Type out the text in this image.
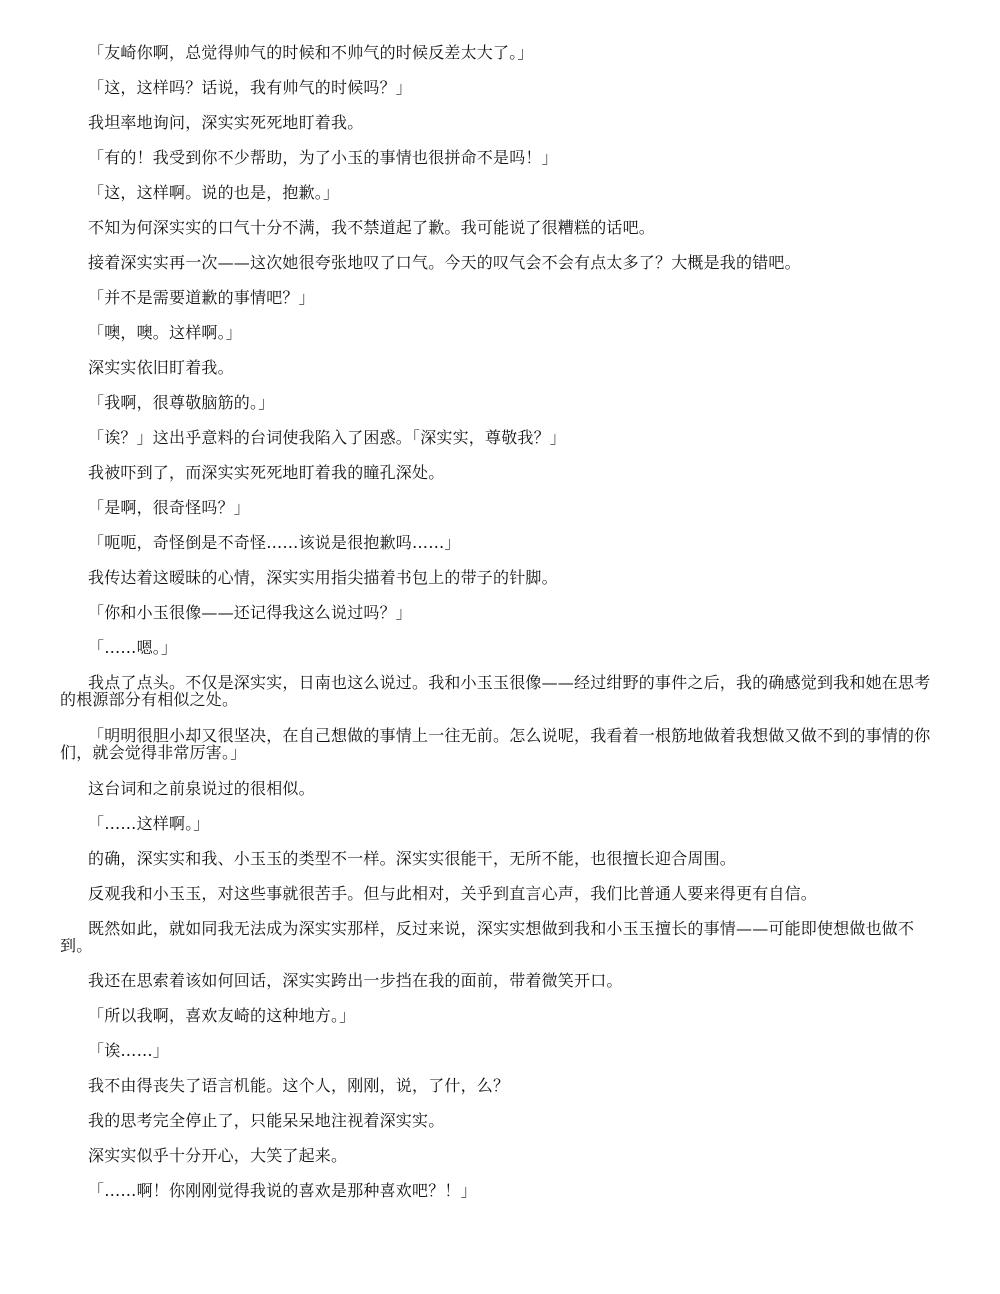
「友崎你啊，总觉得帅气的时候和不帅气的时候反差太大了。」

「这，这样吗？话说，我有帅气的时候吗？」

我坦率地询问，深实实死死地盯着我。

「有的！我受到你不少帮助，为了小玉的事情也很拼命不是吗！」

「这，这样啊。说的也是，抱歉。」

不知为何深实实的口气十分不满，我不禁道起了歉。我可能说了很糟糕的话吧。

接着深实实再一次——这次她很夸张地叹了口气。今天的叹气会不会有点太多了？大概是我的错吧。

「并不是需要道歉的事情吧？」

「噢，噢。这样啊。」

深实实依旧盯着我。

「我啊，很尊敬脑筋的。」

「诶？」这出乎意料的台词使我陷入了困惑。「深实实，尊敬我？」

我被吓到了，而深实实死死地盯着我的瞳孔深处。

「是啊，很奇怪吗？」

「呃呃，奇怪倒是不奇怪……该说是很抱歉吗……」

我传达着这暧昧的心情，深实实用指尖描着书包上的带子的针脚。

「你和小玉很像——还记得我这么说过吗？」

「……嗯。」

我点了点头。不仅是深实实，日南也这么说过。我和小玉玉很像——经过绀野的事件之后，我的确感觉到我和她在思考的根源部分有相似之处。

「明明很胆小却又很坚决，在自己想做的事情上一往无前。怎么说呢，我看着一根筋地做着我想做又做不到的事情的你们，就会觉得非常厉害。」

这台词和之前泉说过的很相似。

「……这样啊。」

的确，深实实和我、小玉玉的类型不一样。深实实很能干，无所不能，也很擅长迎合周围。

反观我和小玉玉，对这些事就很苦手。但与此相对，关乎到直言心声，我们比普通人要来得更有自信。

既然如此，就如同我无法成为深实实那样，反过来说，深实实想做到我和小玉玉擅长的事情——可能即使想做也做不到。

我还在思索着该如何回话，深实实跨出一步挡在我的面前，带着微笑开口。

「所以我啊，喜欢友崎的这种地方。」

「诶……」

我不由得丧失了语言机能。这个人，刚刚，说，了什，么？

我的思考完全停止了，只能呆呆地注视着深实实。

深实实似乎十分开心，大笑了起来。

「……啊！你刚刚觉得我说的喜欢是那种喜欢吧？！」
